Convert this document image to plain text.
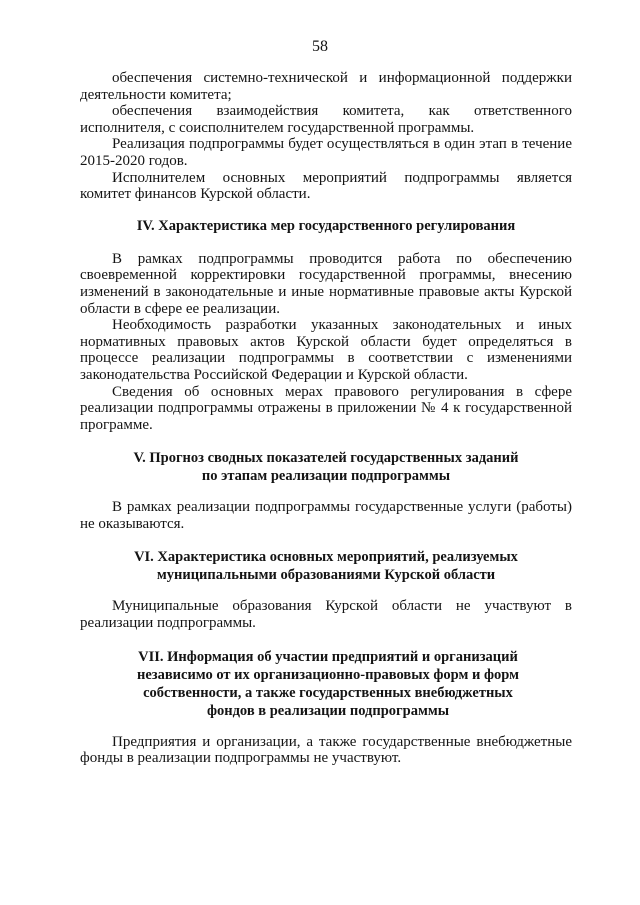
58

обеспечения системно-технической и информационной поддержки деятельности комитета;

обеспечения взаимодействия комитета, как ответственного исполнителя, с соисполнителем государственной программы.

Реализация подпрограммы будет осуществляться в один этап в течение 2015-2020 годов.

Исполнителем основных мероприятий подпрограммы является комитет финансов Курской области.

IV. Характеристика мер государственного регулирования

В рамках подпрограммы проводится работа по обеспечению своевременной корректировки государственной программы, внесению изменений в законодательные и иные нормативные правовые акты Курской области в сфере ее реализации.

Необходимость разработки указанных законодательных и иных нормативных правовых актов Курской области будет определяться в процессе реализации подпрограммы в соответствии с изменениями законодательства Российской Федерации и Курской области.

Сведения об основных мерах правового регулирования в сфере реализации подпрограммы отражены в приложении № 4 к государственной программе.

V. Прогноз сводных показателей государственных заданий
по этапам реализации подпрограммы

В рамках реализации подпрограммы государственные услуги (работы) не оказываются.

VI. Характеристика основных мероприятий, реализуемых
муниципальными образованиями Курской области

Муниципальные образования Курской области не участвуют в реализации подпрограммы.

VII. Информация об участии предприятий и организаций
независимо от их организационно-правовых форм и форм
собственности, а также государственных внебюджетных
фондов в реализации подпрограммы

Предприятия и организации, а также государственные внебюджетные фонды в реализации подпрограммы не участвуют.
